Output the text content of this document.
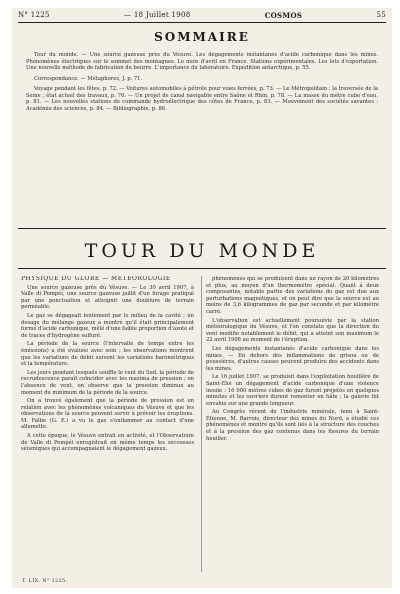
N° 1225	— 18 Juillet 1908	COSMOS	55
SOMMAIRE

Tour du monde. — Une source gazeuse près du Vésuve. Les dégagements instantanés d'acide carbonique dans les mines. Phénomènes électriques sur le sommet des montagnes. Le mois d'avril en France. Stations expérimentales. Les lots d'exportation. Une nouvelle méthode de fabrication du beurre. L'importance du laboratoire. Expédition antarctique, p. 55.

Correspondance. — Métaphores, J. p. 71.

Voyage pendant les fêtes, p. 72. — Voitures automobiles à pétrole pour voies ferrées, p. 73. — Le Métropolitain : la traversée de la Seine ; état actuel des travaux, p. 76. — Un projet de canal navigable entre Saône et Rhin, p. 78. — La masse du mètre cube d'eau, p. 81. — Les nouvelles stations de commande hydroélectrique des côtes de France, p. 83. — Mouvement des sociétés savantes : Académie des sciences, p. 84. — Bibliographie, p. 86.

TOUR DU MONDE

PHYSIQUE DU GLOBE — MÉTÉOROLOGIE

Une source gazeuse près du Vésuve. — Le 30 avril 1907, à Valle di Pompéi, une source gazeuse jaillit d'un forage pratiqué par une ponctuation et atteignit une doublure de terrain perméable.

Le gaz se dégageait lentement par le milieu de la cavité ; un dosage du mélange gazeux a montré qu'il était principalement formé d'acide carbonique, mêlé d'une faible proportion d'azote et de traces d'hydrogène sulfuré.

La période de la source (l'intervalle de temps entre les émissions) a été évaluée avec soin ; les observations montrent que les variations de débit suivent les variations barométriques et la température.

Les jours pendant lesquels souffle le vent du Sud, la période de recrudescence paraît coïncider avec les maxima de pression ; en l'absence de vent, on observe que la pression diminue au moment du minimum de la période de la source.

On a trouvé également que la période de pression est en relation avec les phénomènes volcaniques du Vésuve et que les observations de la source peuvent servir à prévoir les éruptions. M. Falbe (G. E.) a vu le gaz s'enflammer au contact d'une allumette.

A cette époque, le Vésuve entrait en activité, et l'Observatoire de Valle di Pompéi enregistrait en même temps les secousses séismiques qui accompagnaient le dégagement gazeux.

phénomènes qui se produisent dans un rayon de 20 kilomètres et plus, au moyen d'un thermomètre spécial. Quant à deux composantes, notable partie des variations du gaz est due aux perturbations magnétiques, et on peut dire que la source est au moins de 3,6 kilogrammes de gaz par seconde et par kilomètre carré.

L'observation est actuellement poursuivie par la station météorologique du Vésuve, et l'on constate que la direction du vent modifie notablement le débit, qui a atteint son maximum le 22 avril 1908 au moment de l'éruption.

Les dégagements instantanés d'acide carbonique dans les mines. — En dehors des inflammations de grisou ou de poussières, d'autres causes peuvent produire des accidents dans les mines.

Le 16 juillet 1907, se produisit dans l'exploitation houillère de Saint-Eloi un dégagement d'acide carbonique d'une violence inouïe : 16 000 mètres cubes de gaz furent projetés en quelques minutes et les ouvriers durent remonter en hâte ; la galerie fut envahie sur une grande longueur.

Au Congrès récent de l'industrie minérale, tenu à Saint-Étienne, M. Barrois, directeur des mines du Nord, a étudié ces phénomènes et montré qu'ils sont liés à la structure des couches et à la pression des gaz contenus dans les fissures du terrain houiller.

T. LIX. N° 1225.
